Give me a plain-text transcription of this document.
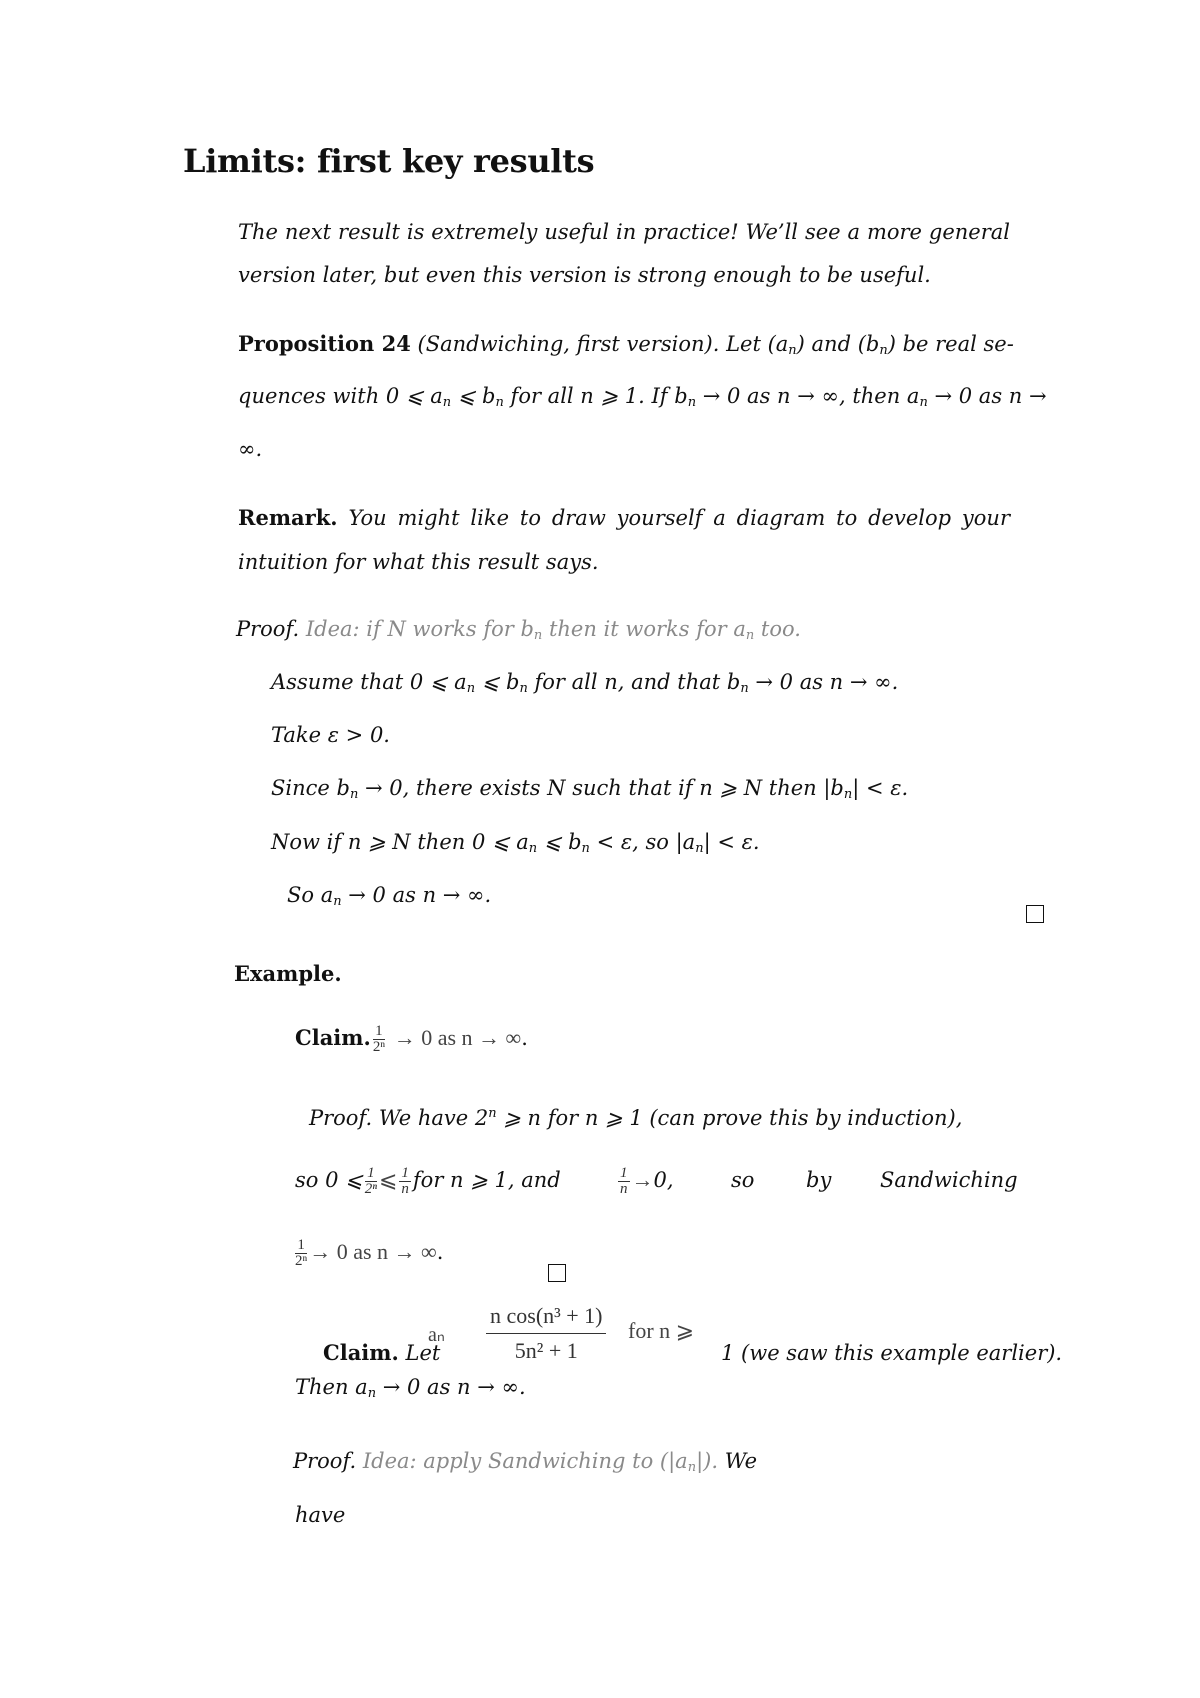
Limits: first key results
The next result is extremely useful in practice! We’ll see a more general
version later, but even this version is strong enough to be useful.
Proposition 24 (Sandwiching, first version). Let $(a_n)$ and $(b_n)$ be real se-
quences with 0 ⩽ $a_n$ ⩽ $b_n$ for all n ⩾ 1. If $b_n \to 0$ as n → ∞, then $a_n \to 0$ as n →
∞.
Remark. You might like to draw yourself a diagram to develop your
intuition for what this result says.
Proof. Idea: if N works for $b_n$ then it works for $a_n$ too.
Assume that 0 ⩽ $a_n$ ⩽ $b_n$ for all n, and that $b_n \to 0$ as n → ∞.
Take ε > 0.
Since $b_n \to 0$, there exists N such that if n ⩾ N then $|b_n| < \varepsilon$.
Now if n ⩾ N then 0 ⩽ $a_n$ ⩽ $b_n < \varepsilon$, so $|a_n| < \varepsilon$.
So $a_n \to 0$ as n → ∞.
Example.
Claim. $\frac{1}{\text{2ⁿ}} \to 0$ as n → ∞.
Proof. We have 2$^n$ ⩾ n for n ⩾ 1 (can prove this by induction),
so 0 ⩽ $\frac{1}{\text{2ⁿ}}$ ⩽ $\frac{1}{n}$ for n ⩾ 1, and	$\frac{1}{n} \to 0$,	so by Sandwiching
$\frac{1}{\text{2ⁿ}} \to 0$ as n → ∞.
n cos(n³ + 1)
5n² + 1
for n ⩾
aₙ
Claim. Let	1 (we saw this example earlier).
Then $a_n \to 0$ as n → ∞.
Proof. Idea: apply Sandwiching to $(|a_n|)$. We
have
